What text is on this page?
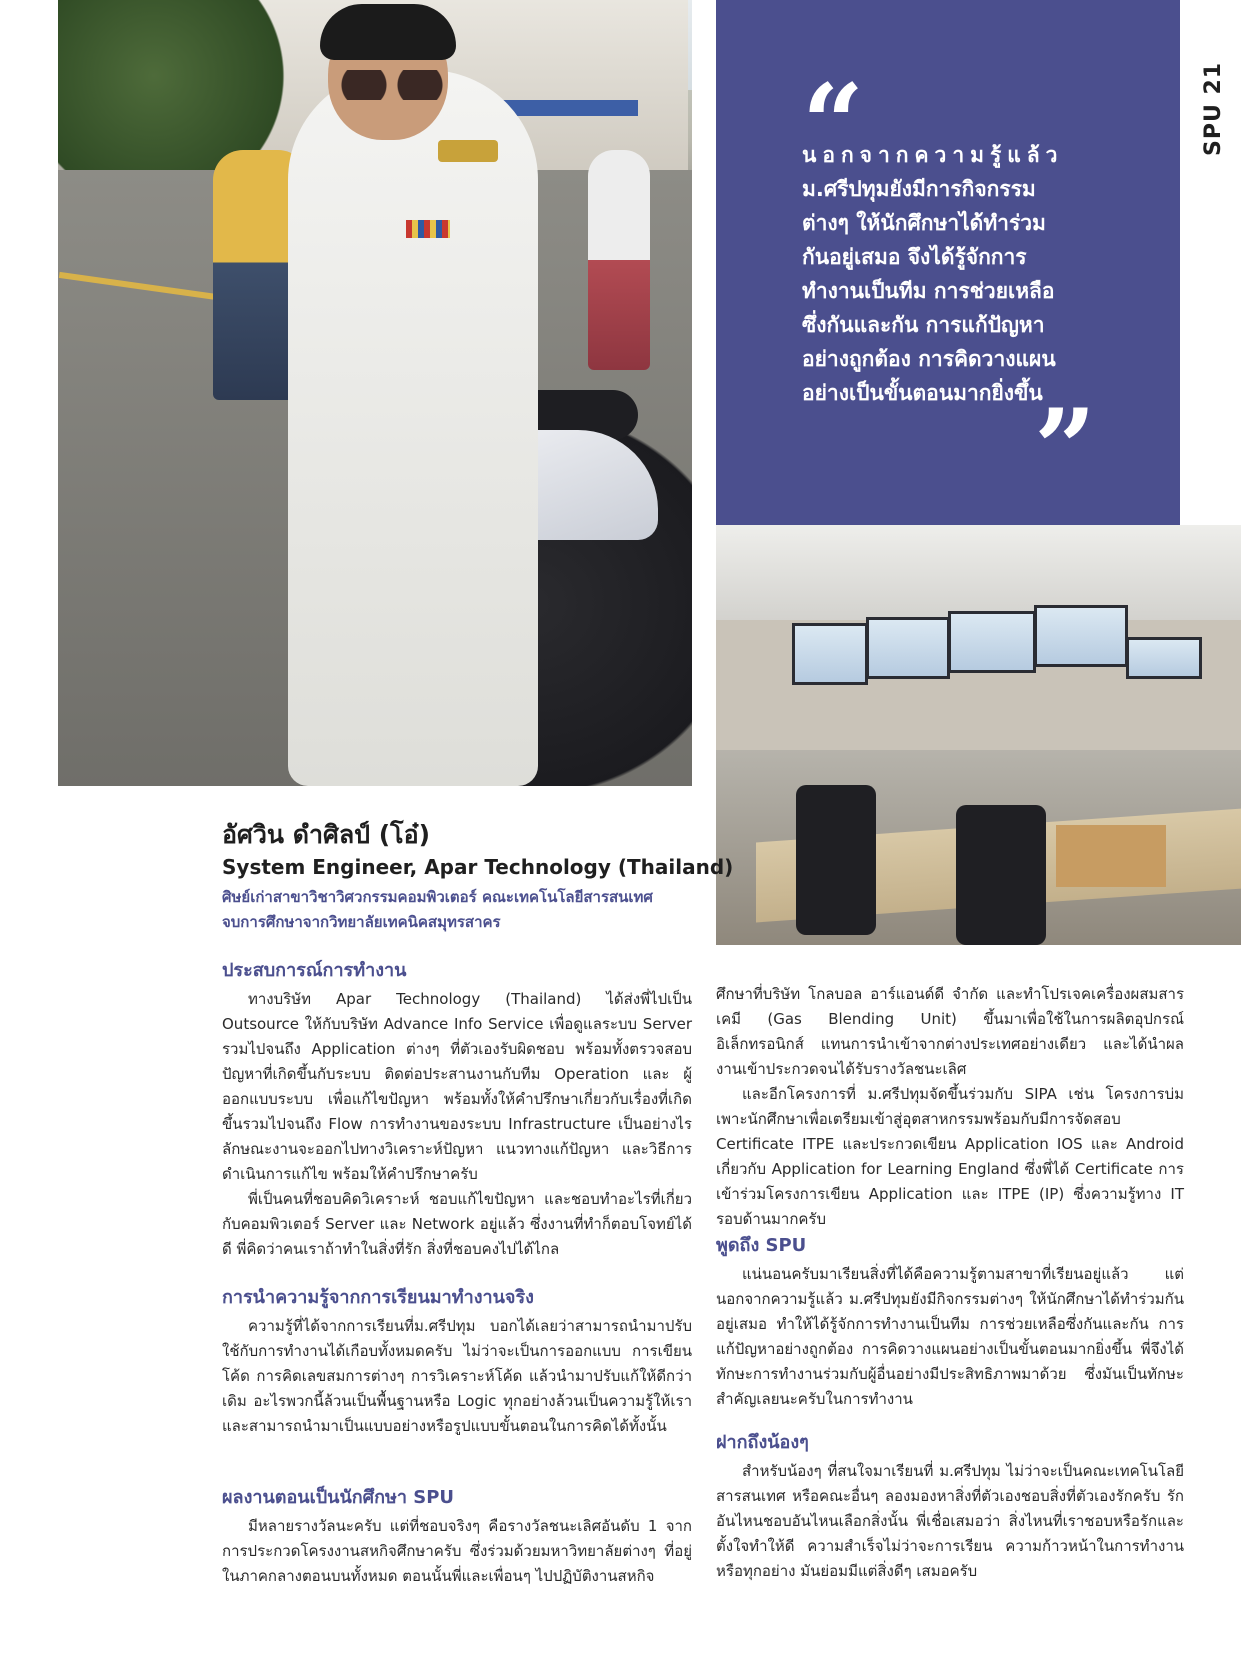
“

นอกจากความรู้แล้ว
ม.ศรีปทุมยังมีการกิจกรรม
ต่างๆ ให้นักศึกษาได้ทำร่วม
กันอยู่เสมอ จึงได้รู้จักการ
ทำงานเป็นทีม การช่วยเหลือ
ซึ่งกันและกัน การแก้ปัญหา
อย่างถูกต้อง การคิดวางแผน
อย่างเป็นขั้นตอนมากยิ่งขึ้น

”
SPU 21
อัศวิน ดำศิลป์ (โอ๋)
System Engineer, Apar Technology (Thailand)
ศิษย์เก่าสาขาวิชาวิศวกรรมคอมพิวเตอร์ คณะเทคโนโลยีสารสนเทศ
จบการศึกษาจากวิทยาลัยเทคนิคสมุทรสาคร
ประสบการณ์การทำงาน

ทางบริษัท Apar Technology (Thailand) ได้ส่งพี่ไปเป็น Outsource ให้กับบริษัท Advance Info Service เพื่อดูแลระบบ Server รวมไปจนถึง Application ต่างๆ ที่ตัวเองรับผิดชอบ พร้อมทั้งตรวจสอบปัญหาที่เกิดขึ้นกับระบบ ติดต่อประสานงานกับทีม Operation และ ผู้ออกแบบระบบ เพื่อแก้ไขปัญหา พร้อมทั้งให้คำปรึกษาเกี่ยวกับเรื่องที่เกิดขึ้นรวมไปจนถึง Flow การทำงานของระบบ Infrastructure เป็นอย่างไร ลักษณะงานจะออกไปทางวิเคราะห์ปัญหา แนวทางแก้ปัญหา และวิธีการดำเนินการแก้ไข พร้อมให้คำปรึกษาครับ

พี่เป็นคนที่ชอบคิดวิเคราะห์ ชอบแก้ไขปัญหา และชอบทำอะไรที่เกี่ยวกับคอมพิวเตอร์ Server และ Network อยู่แล้ว ซึ่งงานที่ทำก็ตอบโจทย์ได้ดี พี่คิดว่าคนเราถ้าทำในสิ่งที่รัก สิ่งที่ชอบคงไปได้ไกล

การนำความรู้จากการเรียนมาทำงานจริง

ความรู้ที่ได้จากการเรียนที่ม.ศรีปทุม บอกได้เลยว่าสามารถนำมาปรับใช้กับการทำงานได้เกือบทั้งหมดครับ ไม่ว่าจะเป็นการออกแบบ การเขียนโค้ด การคิดเลขสมการต่างๆ การวิเคราะห์โค้ด แล้วนำมาปรับแก้ให้ดีกว่าเดิม อะไรพวกนี้ล้วนเป็นพื้นฐานหรือ Logic ทุกอย่างล้วนเป็นความรู้ให้เราและสามารถนำมาเป็นแบบอย่างหรือรูปแบบขั้นตอนในการคิดได้ทั้งนั้น

ผลงานตอนเป็นนักศึกษา SPU

มีหลายรางวัลนะครับ แต่ที่ชอบจริงๆ คือรางวัลชนะเลิศอันดับ 1 จากการประกวดโครงงานสหกิจศึกษาครับ ซึ่งร่วมด้วยมหาวิทยาลัยต่างๆ ที่อยู่ในภาคกลางตอนบนทั้งหมด ตอนนั้นพี่และเพื่อนๆ ไปปฏิบัติงานสหกิจ

ศึกษาที่บริษัท โกลบอล อาร์แอนด์ดี จำกัด และทำโปรเจคเครื่องผสมสารเคมี (Gas Blending Unit) ขึ้นมาเพื่อใช้ในการผลิตอุปกรณ์อิเล็กทรอนิกส์ แทนการนำเข้าจากต่างประเทศอย่างเดียว และได้นำผลงานเข้าประกวดจนได้รับรางวัลชนะเลิศ

และอีกโครงการที่ ม.ศรีปทุมจัดขึ้นร่วมกับ SIPA เช่น โครงการบ่มเพาะนักศึกษาเพื่อเตรียมเข้าสู่อุตสาหกรรมพร้อมกับมีการจัดสอบ Certificate ITPE และประกวดเขียน Application IOS และ Android เกี่ยวกับ Application for Learning England ซึ่งพี่ได้ Certificate การเข้าร่วมโครงการเขียน Application และ ITPE (IP) ซึ่งความรู้ทาง IT รอบด้านมากครับ

พูดถึง SPU

แน่นอนครับมาเรียนสิ่งที่ได้คือความรู้ตามสาขาที่เรียนอยู่แล้ว แต่นอกจากความรู้แล้ว ม.ศรีปทุมยังมีกิจกรรมต่างๆ ให้นักศึกษาได้ทำร่วมกันอยู่เสมอ ทำให้ได้รู้จักการทำงานเป็นทีม การช่วยเหลือซึ่งกันและกัน การแก้ปัญหาอย่างถูกต้อง การคิดวางแผนอย่างเป็นขั้นตอนมากยิ่งขึ้น พี่จึงได้ทักษะการทำงานร่วมกับผู้อื่นอย่างมีประสิทธิภาพมาด้วย ซึ่งมันเป็นทักษะสำคัญเลยนะครับในการทำงาน

ฝากถึงน้องๆ

สำหรับน้องๆ ที่สนใจมาเรียนที่ ม.ศรีปทุม ไม่ว่าจะเป็นคณะเทคโนโลยีสารสนเทศ หรือคณะอื่นๆ ลองมองหาสิ่งที่ตัวเองชอบสิ่งที่ตัวเองรักครับ รักอันไหนชอบอันไหนเลือกสิ่งนั้น พี่เชื่อเสมอว่า สิ่งไหนที่เราชอบหรือรักและตั้งใจทำให้ดี ความสำเร็จไม่ว่าจะการเรียน ความก้าวหน้าในการทำงานหรือทุกอย่าง มันย่อมมีแต่สิ่งดีๆ เสมอครับ
